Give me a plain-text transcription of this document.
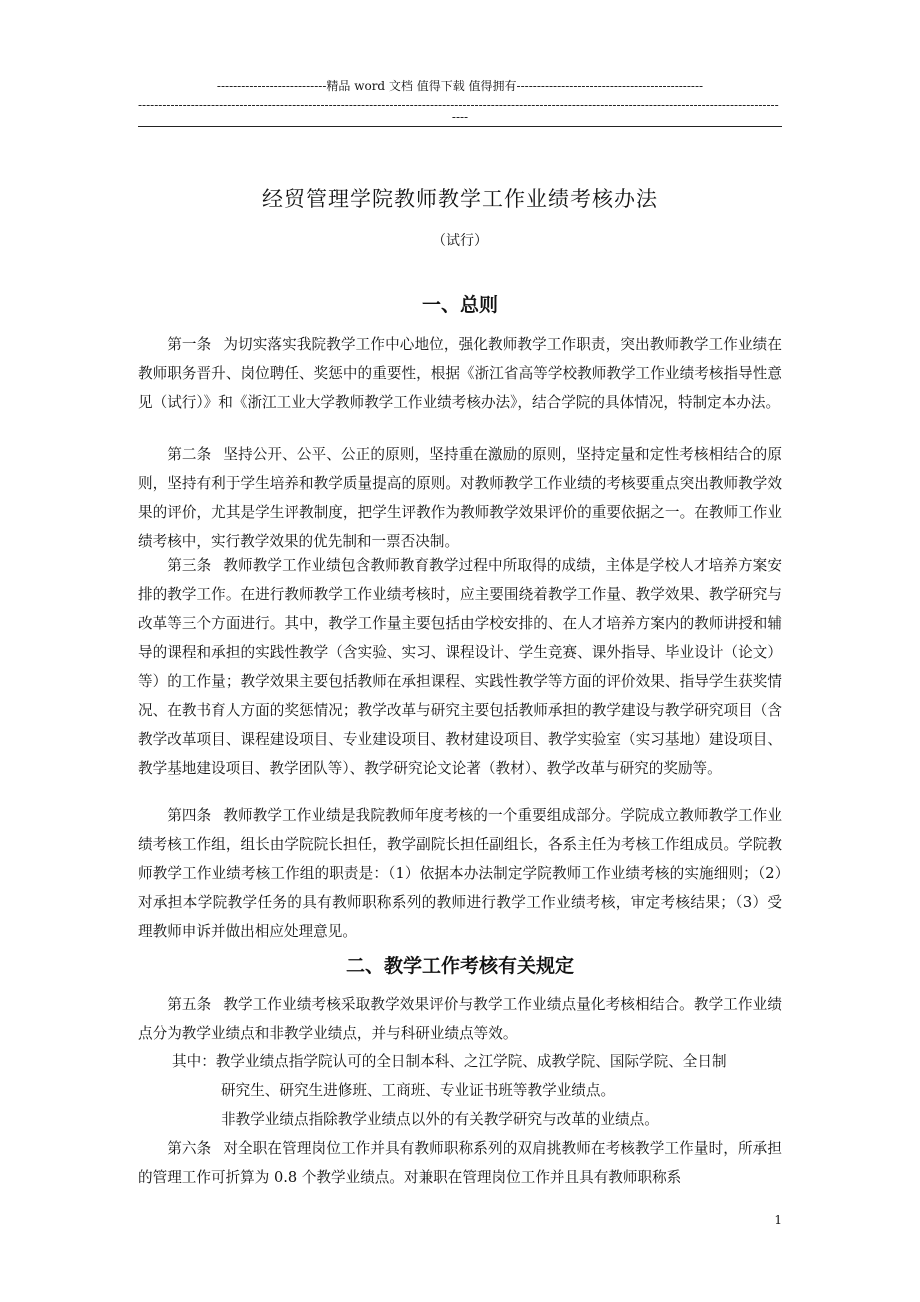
---------------------------精品 word 文档 值得下载 值得拥有----------------------------------------------
--------------------------------------------------------------------------------------------------------------------------------------------------------------
----
经贸管理学院教师教学工作业绩考核办法
（试行）
一、总则

第一条 为切实落实我院教学工作中心地位，强化教师教学工作职责，突出教师教学工作业绩在教师职务晋升、岗位聘任、奖惩中的重要性，根据《浙江省高等学校教师教学工作业绩考核指导性意见（试行）》和《浙江工业大学教师教学工作业绩考核办法》，结合学院的具体情况，特制定本办法。

第二条 坚持公开、公平、公正的原则，坚持重在激励的原则，坚持定量和定性考核相结合的原则，坚持有利于学生培养和教学质量提高的原则。对教师教学工作业绩的考核要重点突出教师教学效果的评价，尤其是学生评教制度，把学生评教作为教师教学效果评价的重要依据之一。在教师工作业绩考核中，实行教学效果的优先制和一票否决制。

第三条 教师教学工作业绩包含教师教育教学过程中所取得的成绩，主体是学校人才培养方案安排的教学工作。在进行教师教学工作业绩考核时，应主要围绕着教学工作量、教学效果、教学研究与改革等三个方面进行。其中，教学工作量主要包括由学校安排的、在人才培养方案内的教师讲授和辅导的课程和承担的实践性教学（含实验、实习、课程设计、学生竞赛、课外指导、毕业设计（论文）等）的工作量；教学效果主要包括教师在承担课程、实践性教学等方面的评价效果、指导学生获奖情况、在教书育人方面的奖惩情况；教学改革与研究主要包括教师承担的教学建设与教学研究项目（含教学改革项目、课程建设项目、专业建设项目、教材建设项目、教学实验室（实习基地）建设项目、教学基地建设项目、教学团队等）、教学研究论文论著（教材）、教学改革与研究的奖励等。

第四条 教师教学工作业绩是我院教师年度考核的一个重要组成部分。学院成立教师教学工作业绩考核工作组，组长由学院院长担任，教学副院长担任副组长，各系主任为考核工作组成员。学院教师教学工作业绩考核工作组的职责是：（1）依据本办法制定学院教师工作业绩考核的实施细则；（2）对承担本学院教学任务的具有教师职称系列的教师进行教学工作业绩考核，审定考核结果；（3）受理教师申诉并做出相应处理意见。

二、教学工作考核有关规定

第五条 教学工作业绩考核采取教学效果评价与教学工作业绩点量化考核相结合。教学工作业绩点分为教学业绩点和非教学业绩点，并与科研业绩点等效。

其中：教学业绩点指学院认可的全日制本科、之江学院、成教学院、国际学院、全日制

研究生、研究生进修班、工商班、专业证书班等教学业绩点。

非教学业绩点指除教学业绩点以外的有关教学研究与改革的业绩点。

第六条 对全职在管理岗位工作并具有教师职称系列的双肩挑教师在考核教学工作量时，所承担的管理工作可折算为 0.8 个教学业绩点。对兼职在管理岗位工作并且具有教师职称系

1
